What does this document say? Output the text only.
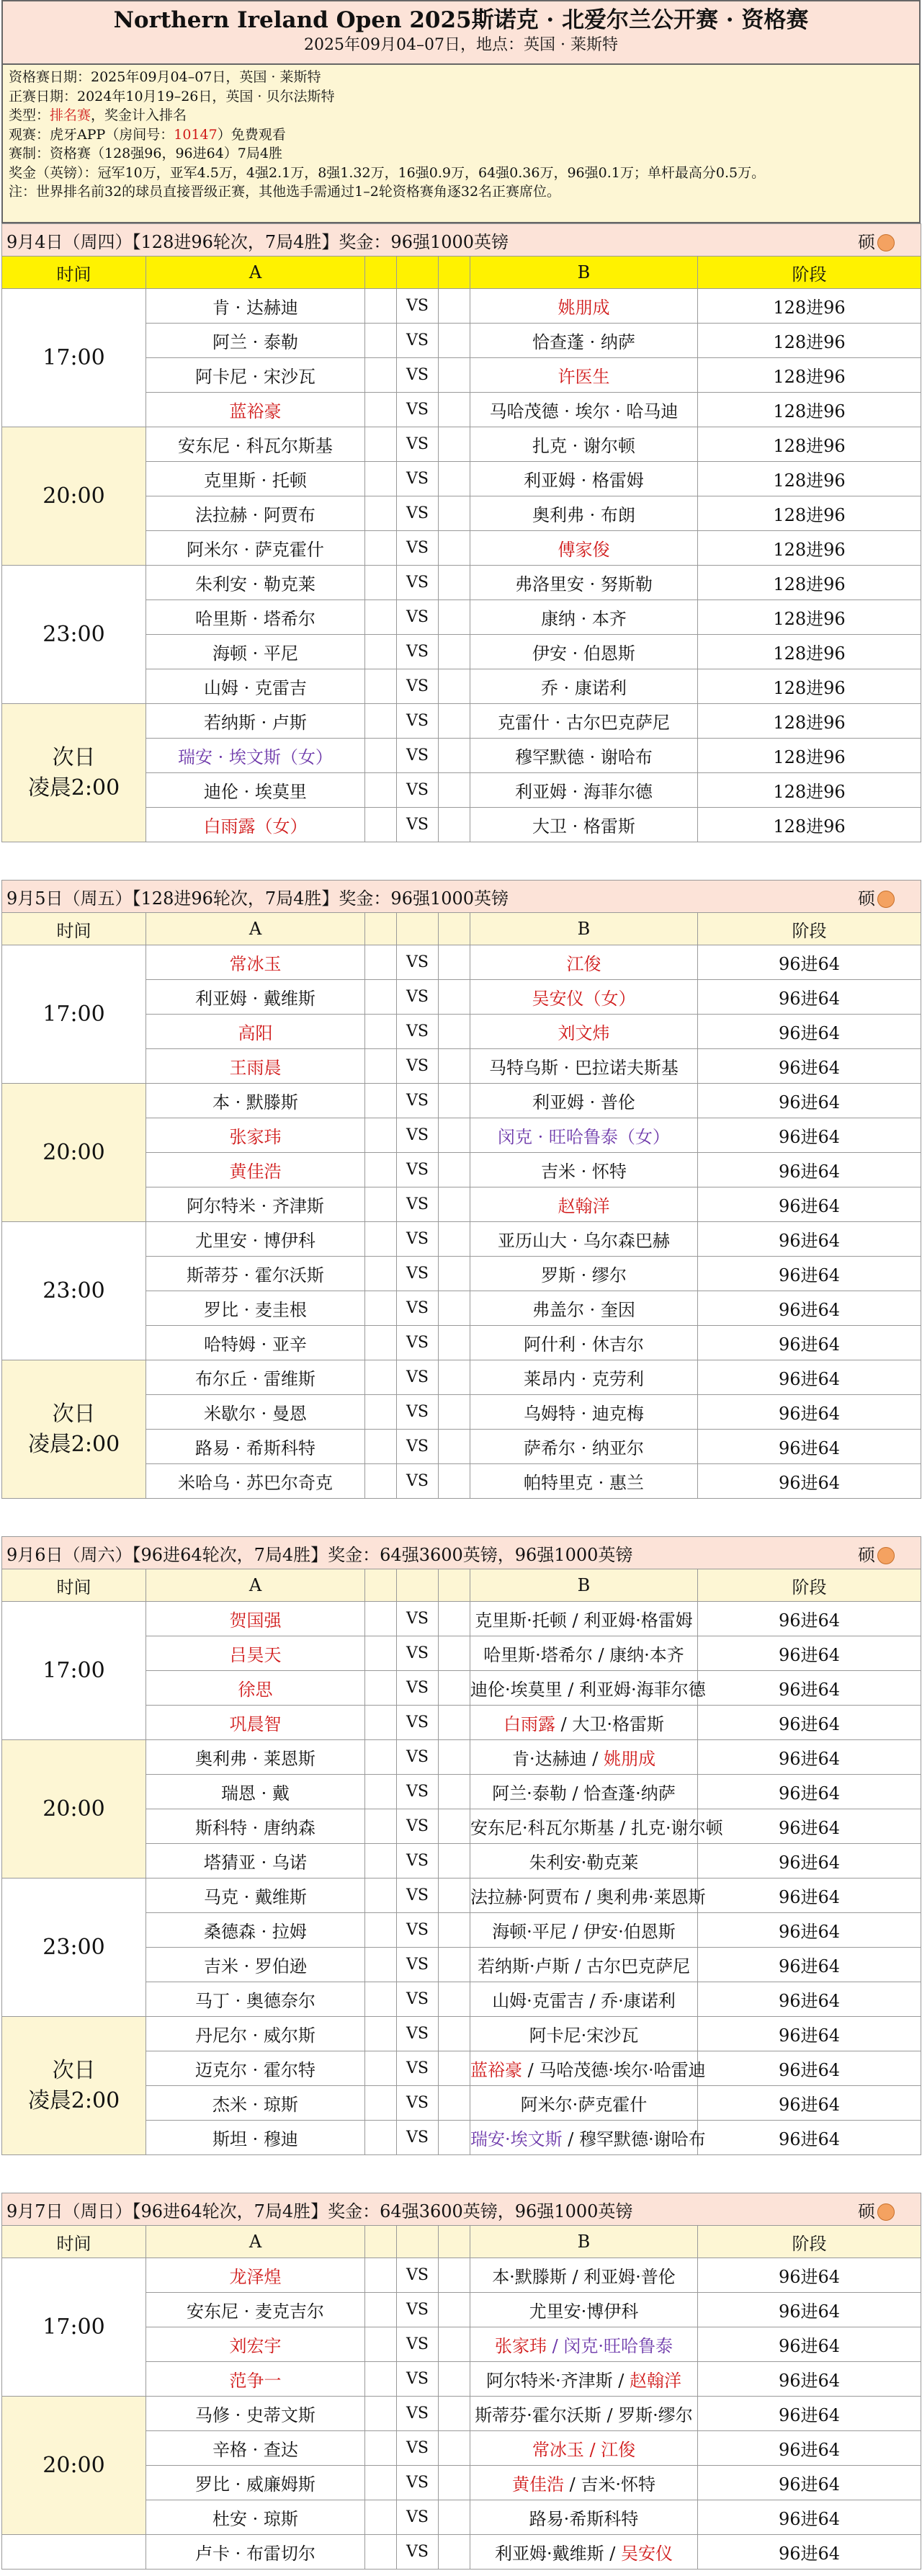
Northern Ireland Open 2025斯诺克 · 北爱尔兰公开赛 · 资格赛
2025年09月04–07日，地点：英国 · 莱斯特
资格赛日期：2025年09月04–07日，英国 · 莱斯特
正赛日期：2024年10月19–26日，英国 · 贝尔法斯特
类型：排名赛，奖金计入排名
观赛：虎牙APP（房间号：10147）免费观看
赛制：资格赛（128强96，96进64）7局4胜
奖金（英镑）：冠军10万，亚军4.5万，4强2.1万，8强1.32万，16强0.9万，64强0.36万，96强0.1万；单杆最高分0.5万。
注：世界排名前32的球员直接晋级正赛，其他选手需通过1–2轮资格赛角逐32名正赛席位。
9月4日（周四）【128进96轮次，7局4胜】奖金：96强1000英镑 硕						

时间	A				B	阶段
17:00	肯 · 达赫迪		VS		姚朋成	128进96
	阿兰 · 泰勒		VS		恰查蓬 · 纳萨	128进96
	阿卡尼 · 宋沙瓦		VS		许医生	128进96
	蓝裕豪		VS		马哈茂德 · 埃尔 · 哈马迪	128进96
20:00	安东尼 · 科瓦尔斯基		VS		扎克 · 谢尔顿	128进96
	克里斯 · 托顿		VS		利亚姆 · 格雷姆	128进96
	法拉赫 · 阿贾布		VS		奥利弗 · 布朗	128进96
	阿米尔 · 萨克霍什		VS		傅家俊	128进96
23:00	朱利安 · 勒克莱		VS		弗洛里安 · 努斯勒	128进96
	哈里斯 · 塔希尔		VS		康纳 · 本齐	128进96
	海顿 · 平尼		VS		伊安 · 伯恩斯	128进96
	山姆 · 克雷吉		VS		乔 · 康诺利	128进96
次日
凌晨2:00	若纳斯 · 卢斯		VS		克雷什 · 古尔巴克萨尼	128进96
	瑞安 · 埃文斯（女）		VS		穆罕默德 · 谢哈布	128进96
	迪伦 · 埃莫里		VS		利亚姆 · 海菲尔德	128进96
	白雨露（女）		VS		大卫 · 格雷斯	128进96
9月5日（周五）【128进96轮次，7局4胜】奖金：96强1000英镑 硕						

时间	A				B	阶段
17:00	常冰玉		VS		江俊	96进64
	利亚姆 · 戴维斯		VS		吴安仪（女）	96进64
	高阳		VS		刘文炜	96进64
	王雨晨		VS		马特乌斯 · 巴拉诺夫斯基	96进64
20:00	本 · 默滕斯		VS		利亚姆 · 普伦	96进64
	张家玮		VS		闵克 · 旺哈鲁泰（女）	96进64
	黄佳浩		VS		吉米 · 怀特	96进64
	阿尔特米 · 齐津斯		VS		赵翰洋	96进64
23:00	尤里安 · 博伊科		VS		亚历山大 · 乌尔森巴赫	96进64
	斯蒂芬 · 霍尔沃斯		VS		罗斯 · 缪尔	96进64
	罗比 · 麦圭根		VS		弗盖尔 · 奎因	96进64
	哈特姆 · 亚辛		VS		阿什利 · 休吉尔	96进64
次日
凌晨2:00	布尔丘 · 雷维斯		VS		莱昂内 · 克劳利	96进64
	米歇尔 · 曼恩		VS		乌姆特 · 迪克梅	96进64
	路易 · 希斯科特		VS		萨希尔 · 纳亚尔	96进64
	米哈乌 · 苏巴尔奇克		VS		帕特里克 · 惠兰	96进64
9月6日（周六）【96进64轮次，7局4胜】奖金：64强3600英镑，96强1000英镑 硕						

时间	A				B	阶段
17:00	贺国强		VS		克里斯·托顿 / 利亚姆·格雷姆	96进64
	吕昊天		VS		哈里斯·塔希尔 / 康纳·本齐	96进64
	徐思		VS		迪伦·埃莫里 / 利亚姆·海菲尔德	96进64
	巩晨智		VS		白雨露 / 大卫·格雷斯	96进64
20:00	奥利弗 · 莱恩斯		VS		肯·达赫迪 / 姚朋成	96进64
	瑞恩 · 戴		VS		阿兰·泰勒 / 恰查蓬·纳萨	96进64
	斯科特 · 唐纳森		VS		安东尼·科瓦尔斯基 / 扎克·谢尔顿	96进64
	塔猜亚 · 乌诺		VS		朱利安·勒克莱	96进64
23:00	马克 · 戴维斯		VS		法拉赫·阿贾布 / 奥利弗·莱恩斯	96进64
	桑德森 · 拉姆		VS		海顿·平尼 / 伊安·伯恩斯	96进64
	吉米 · 罗伯逊		VS		若纳斯·卢斯 / 古尔巴克萨尼	96进64
	马丁 · 奥德奈尔		VS		山姆·克雷吉 / 乔·康诺利	96进64
次日
凌晨2:00	丹尼尔 · 威尔斯		VS		阿卡尼·宋沙瓦	96进64
	迈克尔 · 霍尔特		VS		蓝裕豪 / 马哈茂德·埃尔·哈雷迪	96进64
	杰米 · 琼斯		VS		阿米尔·萨克霍什	96进64
	斯坦 · 穆迪		VS		瑞安·埃文斯 / 穆罕默德·谢哈布	96进64
9月7日（周日）【96进64轮次，7局4胜】奖金：64强3600英镑，96强1000英镑 硕						

时间	A				B	阶段
17:00	龙泽煌		VS		本·默滕斯 / 利亚姆·普伦	96进64
	安东尼 · 麦克吉尔		VS		尤里安·博伊科	96进64
	刘宏宇		VS		张家玮 / 闵克·旺哈鲁泰	96进64
	范争一		VS		阿尔特米·齐津斯 / 赵翰洋	96进64
20:00	马修 · 史蒂文斯		VS		斯蒂芬·霍尔沃斯 / 罗斯·缪尔	96进64
	辛格 · 查达		VS		常冰玉 / 江俊	96进64
	罗比 · 威廉姆斯		VS		黄佳浩 / 吉米·怀特	96进64
	杜安 · 琼斯		VS		路易·希斯科特	96进64
	卢卡 · 布雷切尔		VS		利亚姆·戴维斯 / 吴安仪	96进64
